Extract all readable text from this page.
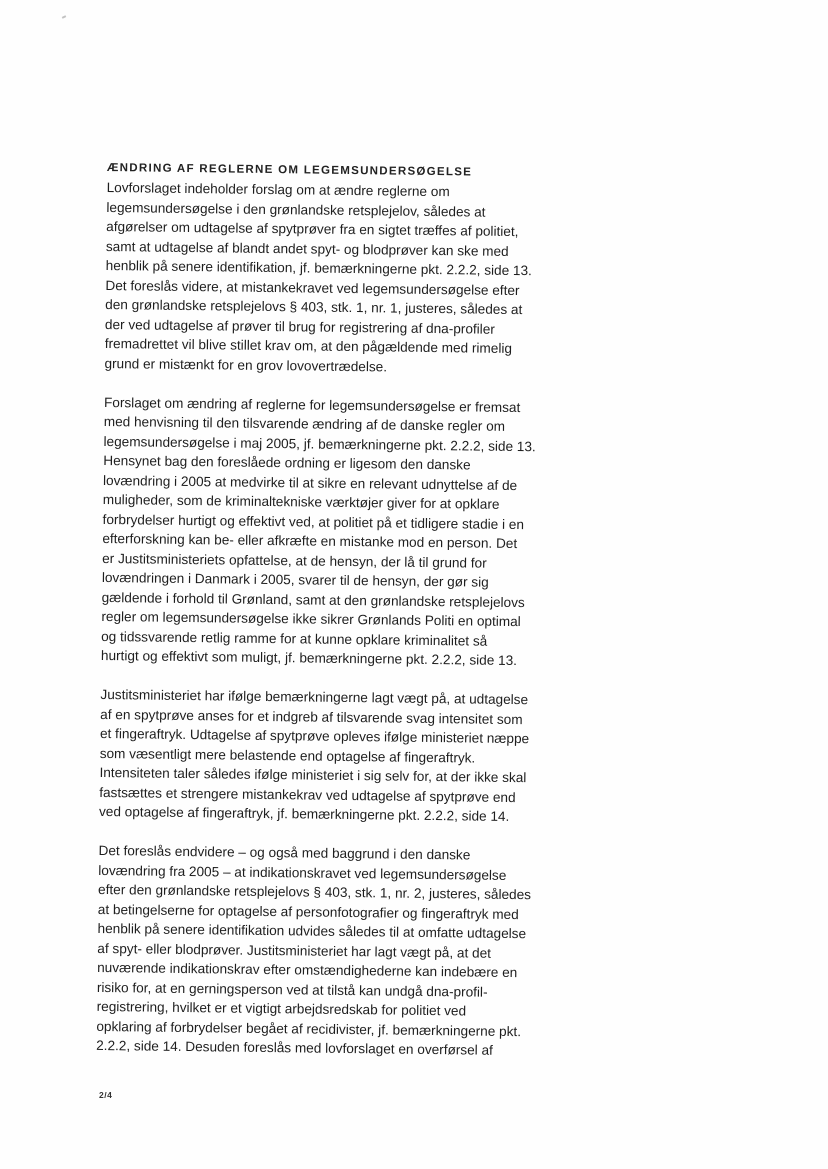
ÆNDRING AF REGLERNE OM LEGEMSUNDERSØGELSE

Lovforslaget indeholder forslag om at ændre reglerne om
legemsundersøgelse i den grønlandske retsplejelov, således at
afgørelser om udtagelse af spytprøver fra en sigtet træffes af politiet,
samt at udtagelse af blandt andet spyt- og blodprøver kan ske med
henblik på senere identifikation, jf. bemærkningerne pkt. 2.2.2, side 13.
Det foreslås videre, at mistankekravet ved legemsundersøgelse efter
den grønlandske retsplejelovs § 403, stk. 1, nr. 1, justeres, således at
der ved udtagelse af prøver til brug for registrering af dna-profiler
fremadrettet vil blive stillet krav om, at den pågældende med rimelig
grund er mistænkt for en grov lovovertrædelse.

Forslaget om ændring af reglerne for legemsundersøgelse er fremsat
med henvisning til den tilsvarende ændring af de danske regler om
legemsundersøgelse i maj 2005, jf. bemærkningerne pkt. 2.2.2, side 13.
Hensynet bag den foreslåede ordning er ligesom den danske
lovændring i 2005 at medvirke til at sikre en relevant udnyttelse af de
muligheder, som de kriminaltekniske værktøjer giver for at opklare
forbrydelser hurtigt og effektivt ved, at politiet på et tidligere stadie i en
efterforskning kan be- eller afkræfte en mistanke mod en person. Det
er Justitsministeriets opfattelse, at de hensyn, der lå til grund for
lovændringen i Danmark i 2005, svarer til de hensyn, der gør sig
gældende i forhold til Grønland, samt at den grønlandske retsplejelovs
regler om legemsundersøgelse ikke sikrer Grønlands Politi en optimal
og tidssvarende retlig ramme for at kunne opklare kriminalitet så
hurtigt og effektivt som muligt, jf. bemærkningerne pkt. 2.2.2, side 13.

Justitsministeriet har ifølge bemærkningerne lagt vægt på, at udtagelse
af en spytprøve anses for et indgreb af tilsvarende svag intensitet som
et fingeraftryk. Udtagelse af spytprøve opleves ifølge ministeriet næppe
som væsentligt mere belastende end optagelse af fingeraftryk.
Intensiteten taler således ifølge ministeriet i sig selv for, at der ikke skal
fastsættes et strengere mistankekrav ved udtagelse af spytprøve end
ved optagelse af fingeraftryk, jf. bemærkningerne pkt. 2.2.2, side 14.

Det foreslås endvidere – og også med baggrund i den danske
lovændring fra 2005 – at indikationskravet ved legemsundersøgelse
efter den grønlandske retsplejelovs § 403, stk. 1, nr. 2, justeres, således
at betingelserne for optagelse af personfotografier og fingeraftryk med
henblik på senere identifikation udvides således til at omfatte udtagelse
af spyt- eller blodprøver. Justitsministeriet har lagt vægt på, at det
nuværende indikationskrav efter omstændighederne kan indebære en
risiko for, at en gerningsperson ved at tilstå kan undgå dna-profil-
registrering, hvilket er et vigtigt arbejdsredskab for politiet ved
opklaring af forbrydelser begået af recidivister, jf. bemærkningerne pkt.
2.2.2, side 14. Desuden foreslås med lovforslaget en overførsel af

2/4
